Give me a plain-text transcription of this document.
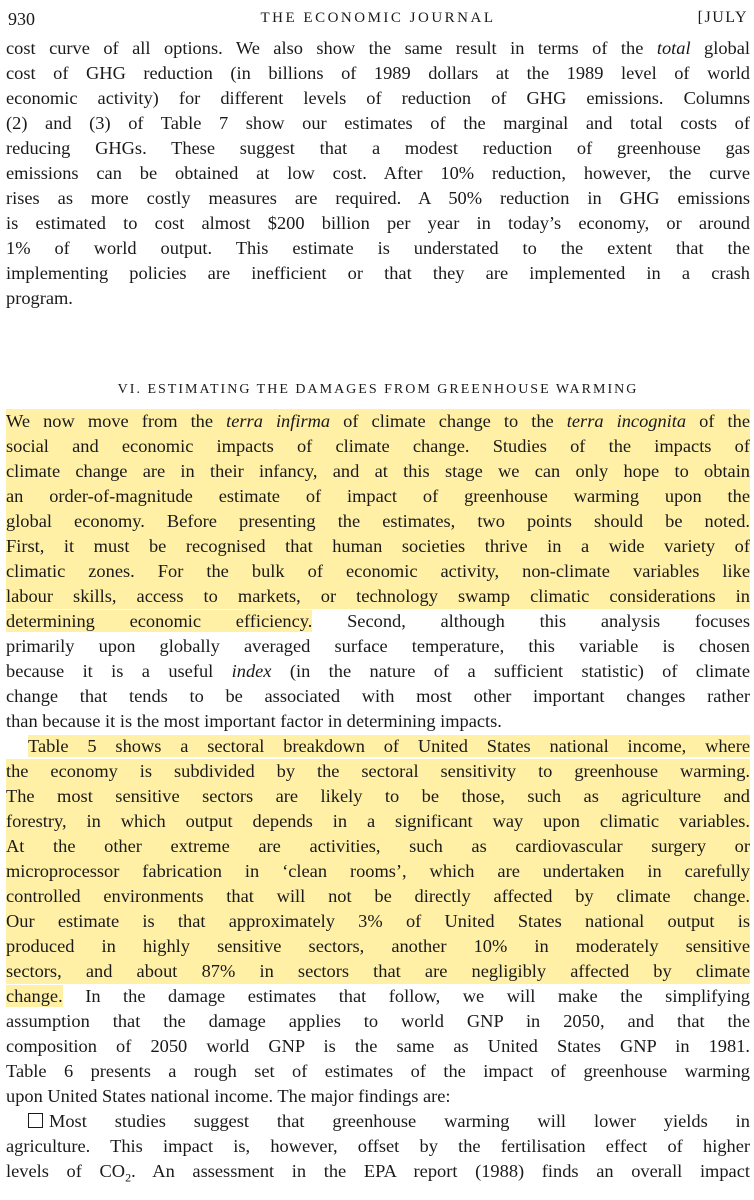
930	THE ECONOMIC JOURNAL	[JULY
cost curve of all options. We also show the same result in terms of the total global
cost of GHG reduction (in billions of 1989 dollars at the 1989 level of world
economic activity) for different levels of reduction of GHG emissions. Columns
(2) and (3) of Table 7 show our estimates of the marginal and total costs of
reducing GHGs. These suggest that a modest reduction of greenhouse gas
emissions can be obtained at low cost. After 10% reduction, however, the curve
rises as more costly measures are required. A 50% reduction in GHG emissions
is estimated to cost almost $200 billion per year in today’s economy, or around
1% of world output. This estimate is understated to the extent that the
implementing policies are inefficient or that they are implemented in a crash
program.
VI. ESTIMATING THE DAMAGES FROM GREENHOUSE WARMING
We now move from the terra infirma of climate change to the terra incognita of the
social and economic impacts of climate change. Studies of the impacts of
climate change are in their infancy, and at this stage we can only hope to obtain
an order-of-magnitude estimate of impact of greenhouse warming upon the
global economy. Before presenting the estimates, two points should be noted.
First, it must be recognised that human societies thrive in a wide variety of
climatic zones. For the bulk of economic activity, non-climate variables like
labour skills, access to markets, or technology swamp climatic considerations in
determining economic efficiency. Second, although this analysis focuses
primarily upon globally averaged surface temperature, this variable is chosen
because it is a useful index (in the nature of a sufficient statistic) of climate
change that tends to be associated with most other important changes rather
than because it is the most important factor in determining impacts.
Table 5 shows a sectoral breakdown of United States national income, where
the economy is subdivided by the sectoral sensitivity to greenhouse warming.
The most sensitive sectors are likely to be those, such as agriculture and
forestry, in which output depends in a significant way upon climatic variables.
At the other extreme are activities, such as cardiovascular surgery or
microprocessor fabrication in ‘clean rooms’, which are undertaken in carefully
controlled environments that will not be directly affected by climate change.
Our estimate is that approximately 3% of United States national output is
produced in highly sensitive sectors, another 10% in moderately sensitive
sectors, and about 87% in sectors that are negligibly affected by climate
change. In the damage estimates that follow, we will make the simplifying
assumption that the damage applies to world GNP in 2050, and that the
composition of 2050 world GNP is the same as United States GNP in 1981.
Table 6 presents a rough set of estimates of the impact of greenhouse warming
upon United States national income. The major findings are:
Most studies suggest that greenhouse warming will lower yields in
agriculture. This impact is, however, offset by the fertilisation effect of higher
levels of $CO_2$. An assessment in the EPA report (1988) finds an overall impact
